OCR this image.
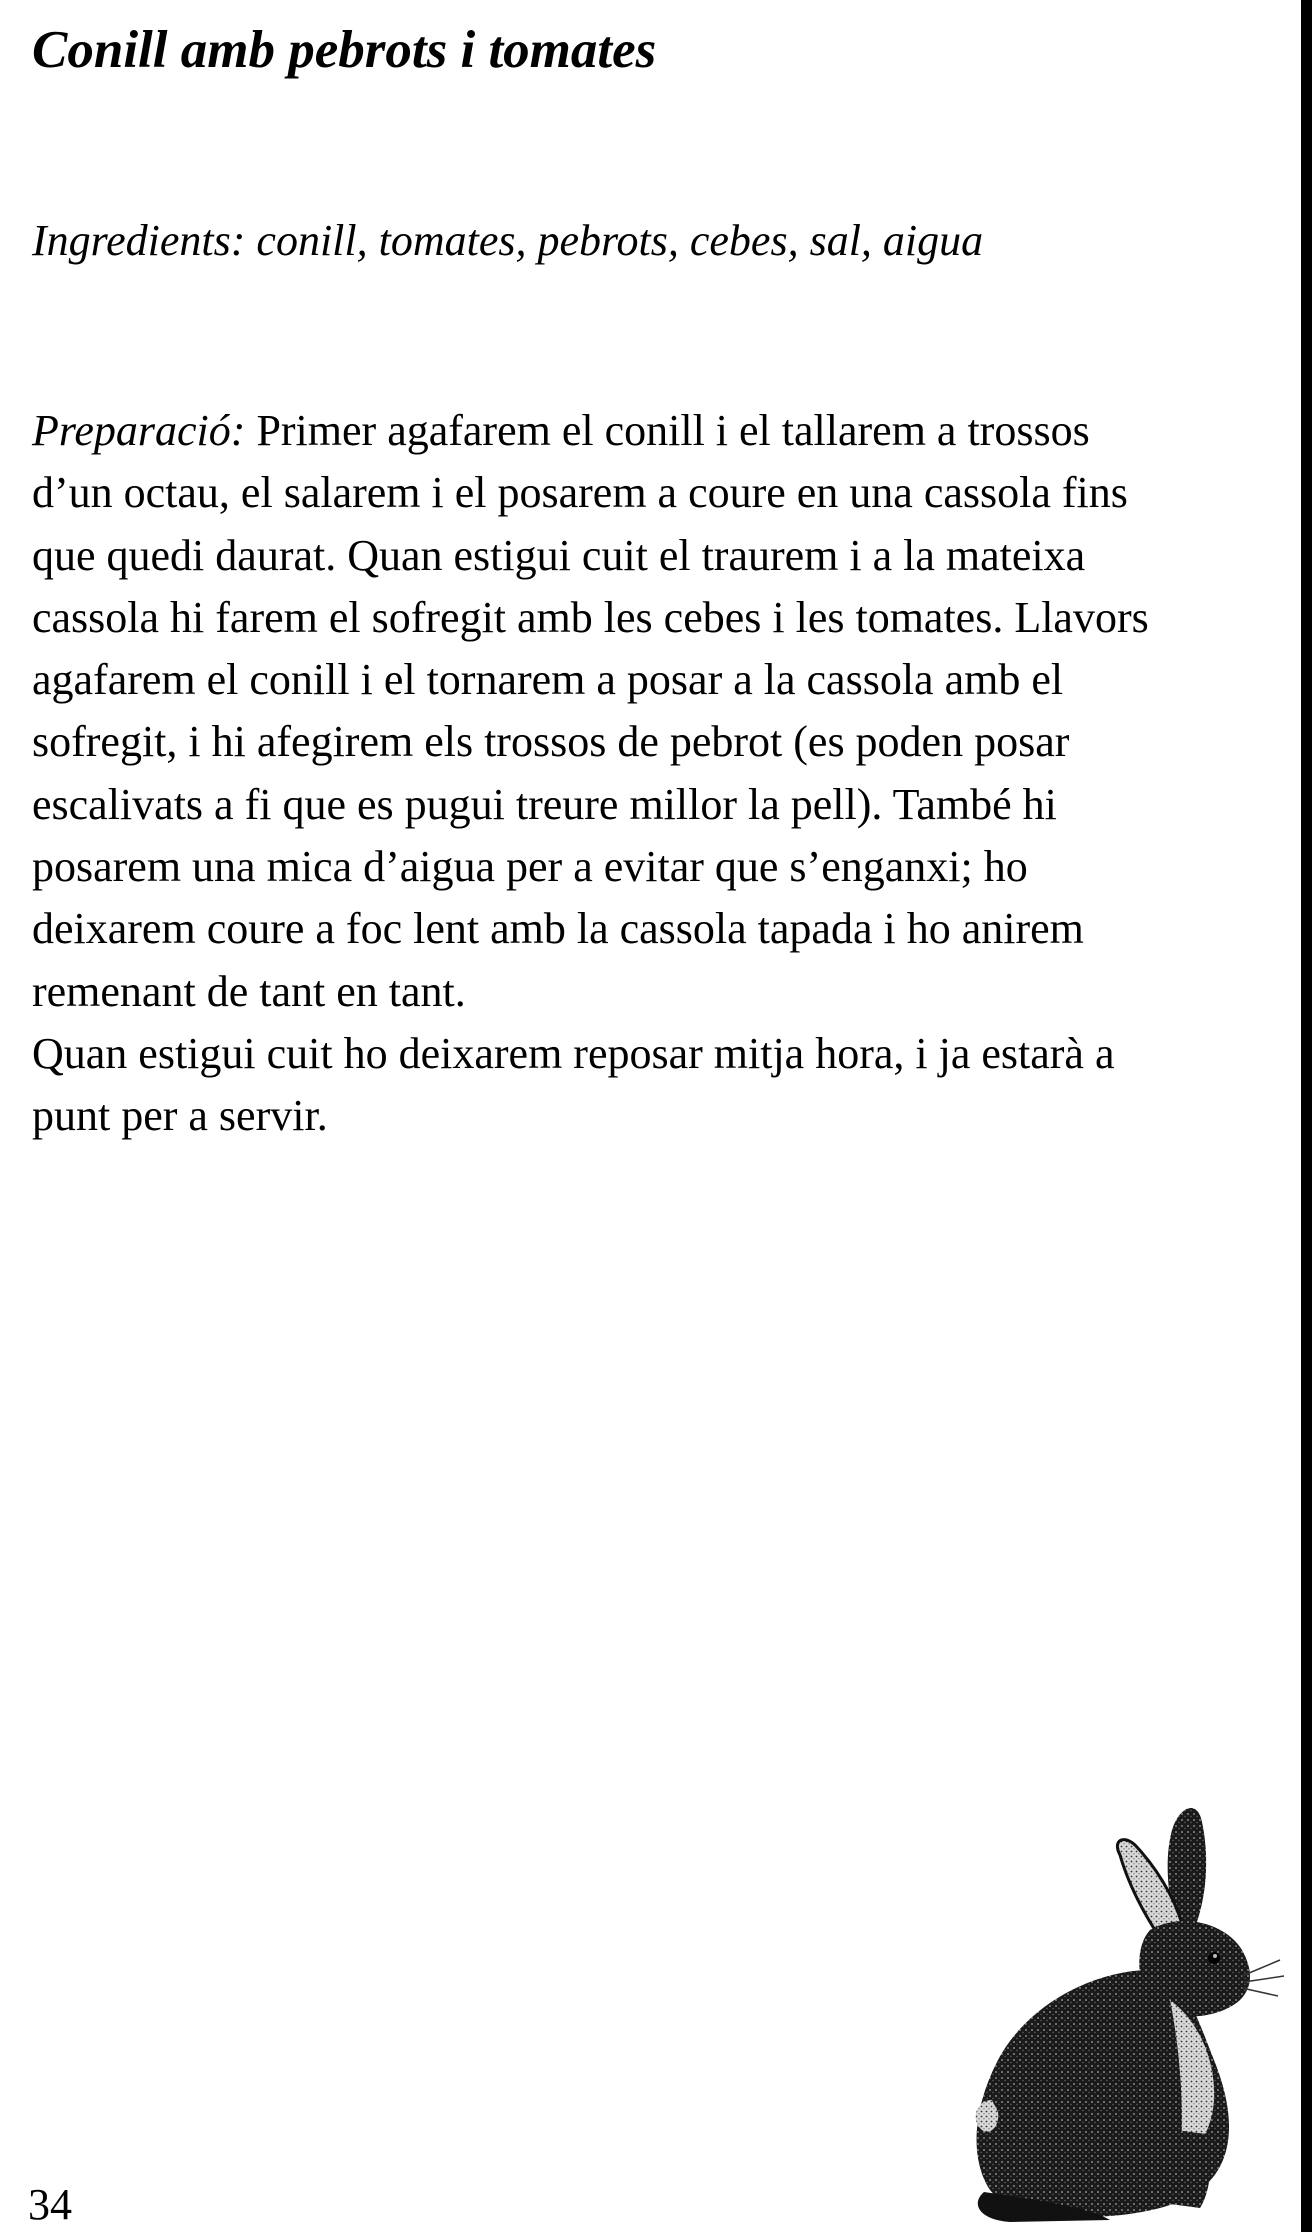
Conill amb pebrots i tomates

Ingredients: conill, tomates, pebrots, cebes, sal, aigua

Preparació: Primer agafarem el conill i el tallarem a trossos
d’un octau, el salarem i el posarem a coure en una cassola fins
que quedi daurat. Quan estigui cuit el traurem i a la mateixa
cassola hi farem el sofregit amb les cebes i les tomates. Llavors
agafarem el conill i el tornarem a posar a la cassola amb el
sofregit, i hi afegirem els trossos de pebrot (es poden posar
escalivats a fi que es pugui treure millor la pell). També hi
posarem una mica d’aigua per a evitar que s’enganxi; ho
deixarem coure a foc lent amb la cassola tapada i ho anirem
remenant de tant en tant.
Quan estigui cuit ho deixarem reposar mitja hora, i ja estarà a
punt per a servir.

34
